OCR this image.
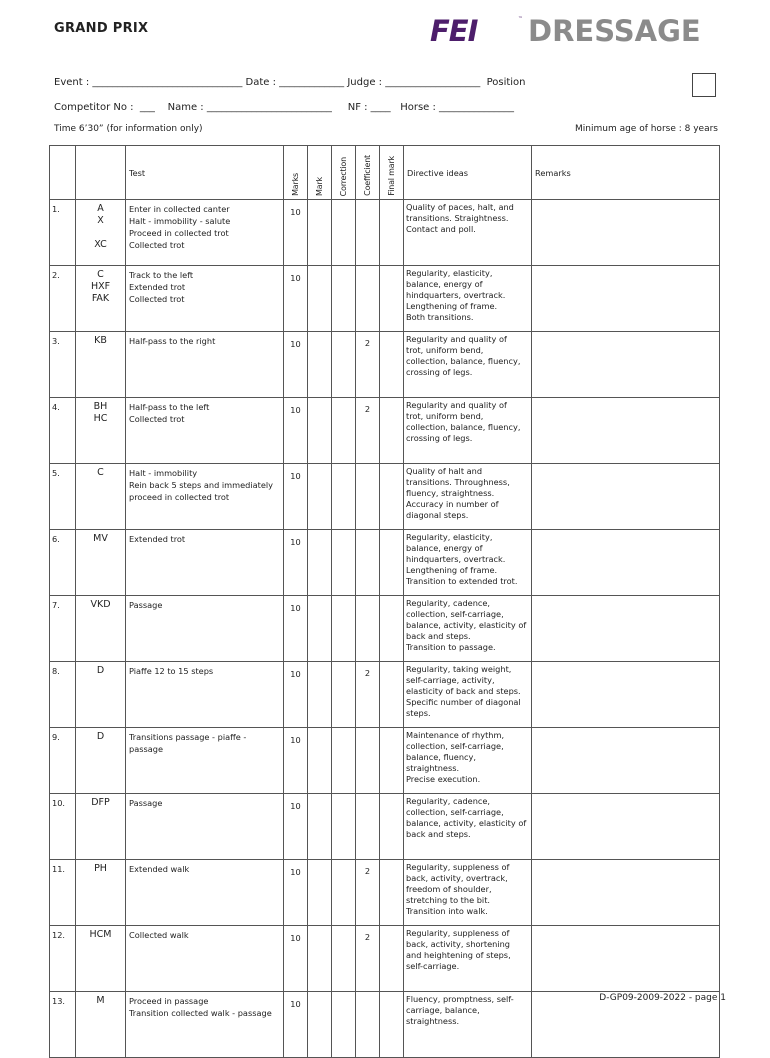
GRAND PRIX	FEI	™ DRESSAGE
Event : ______________________________ Date : _____________ Judge : ___________________  Position
Competitor No :  ___    Name : _________________________     NF : ____   Horse : _______________
Time 6’30” (for information only)	Minimum age of horse : 8 years
		Test	Marks	Mark	Correction	Coefficient	Final mark	Directive ideas	Remarks
1.	A
X

XC	Enter in collected canter
Halt - immobility - salute
Proceed in collected trot
Collected trot	10					Quality of paces, halt, and
transitions. Straightness.
Contact and poll.	

2.	C
HXF
FAK	Track to the left
Extended trot
Collected trot	10					Regularity, elasticity,
balance, energy of
hindquarters, overtrack.
Lengthening of frame.
Both transitions.	

3.	KB	Half-pass to the right	10			2		Regularity and quality of
trot, uniform bend,
collection, balance, fluency,
crossing of legs.	

4.	BH
HC	Half-pass to the left
Collected trot	10			2		Regularity and quality of
trot, uniform bend,
collection, balance, fluency,
crossing of legs.	

5.	C	Halt - immobility
Rein back 5 steps and immediately
proceed in collected trot	10					Quality of halt and
transitions. Throughness,
fluency, straightness.
Accuracy in number of
diagonal steps.	

6.	MV	Extended trot	10					Regularity, elasticity,
balance, energy of
hindquarters, overtrack.
Lengthening of frame.
Transition to extended trot.	

7.	VKD	Passage	10					Regularity, cadence,
collection, self-carriage,
balance, activity, elasticity of
back and steps.
Transition to passage.	

8.	D	Piaffe 12 to 15 steps	10			2		Regularity, taking weight,
self-carriage, activity,
elasticity of back and steps.
Specific number of diagonal
steps.	

9.	D	Transitions passage - piaffe -
passage	10					Maintenance of rhythm,
collection, self-carriage,
balance, fluency,
straightness.
Precise execution.	

10.	DFP	Passage	10					Regularity, cadence,
collection, self-carriage,
balance, activity, elasticity of
back and steps.	

11.	PH	Extended walk	10			2		Regularity, suppleness of
back, activity, overtrack,
freedom of shoulder,
stretching to the bit.
Transition into walk.	

12.	HCM	Collected walk	10			2		Regularity, suppleness of
back, activity, shortening
and heightening of steps,
self-carriage.	

13.	M	Proceed in passage
Transition collected walk - passage	10					Fluency, promptness, self-
carriage, balance,
straightness.	

D-GP09-2009-2022 - page 1
